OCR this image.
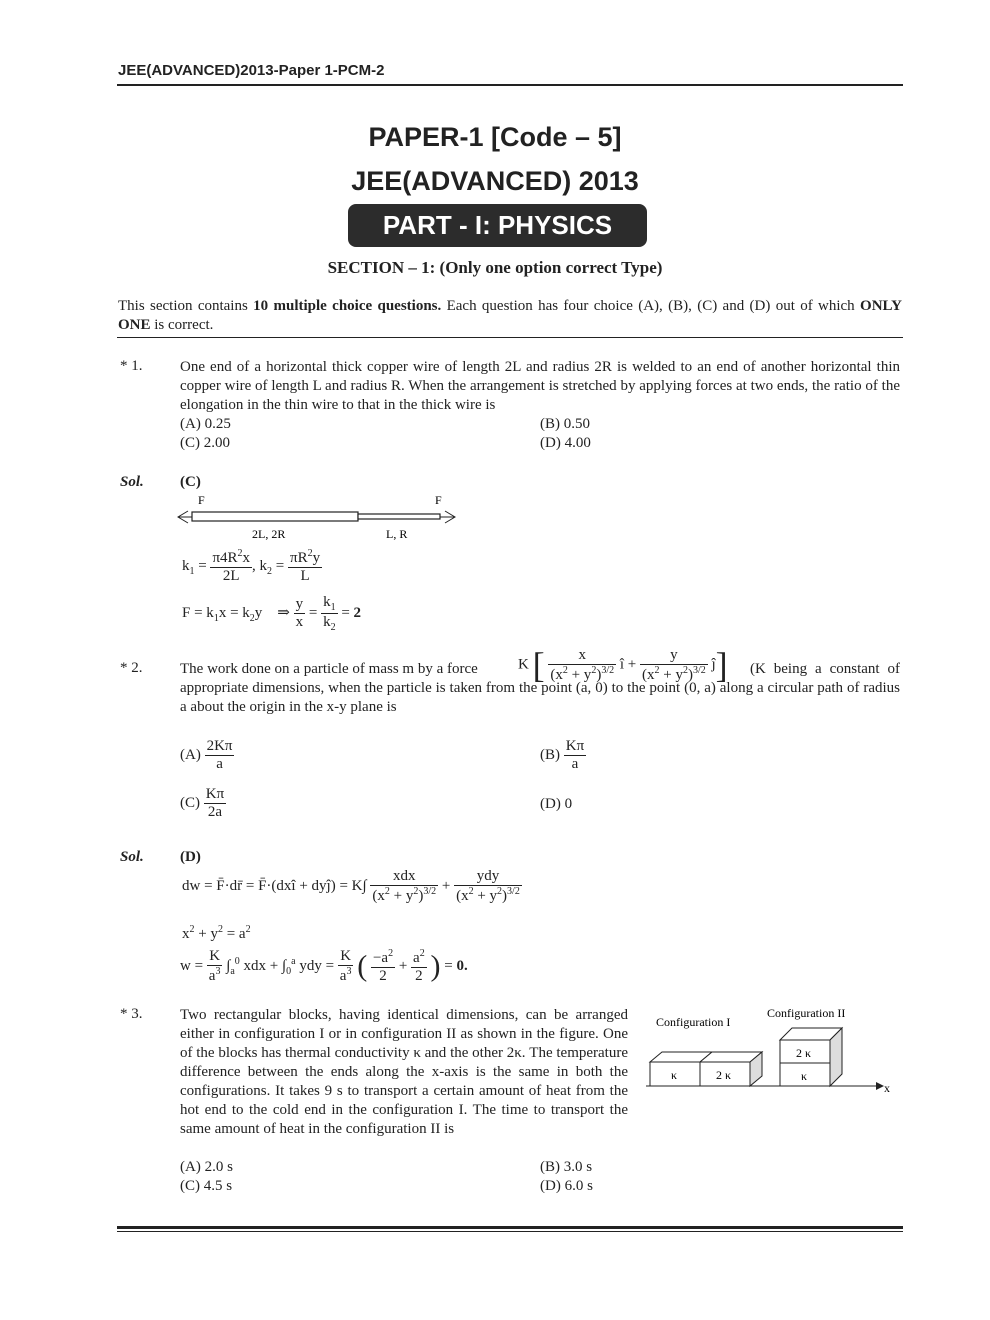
JEE(ADVANCED)2013-Paper 1-PCM-2
PAPER-1 [Code – 5]
JEE(ADVANCED) 2013
PART - I: PHYSICS
SECTION – 1: (Only one option correct Type)
This section contains 10 multiple choice questions. Each question has four choice (A), (B), (C) and (D) out of which ONLY ONE is correct.
* 1.	One end of a horizontal thick copper wire of length 2L and radius 2R is welded to an end of another horizontal thin copper wire of length L and radius R. When the arrangement is stretched by applying forces at two ends, the ratio of the elongation in the thin wire to that in the thick wire is
(A) 0.25	(B) 0.50
(C) 2.00	(D) 4.00
Sol. (C)
F	F
2L, 2R	L, R
$k_1 = \frac{\pi 4R^2x}{2L}$ , $k_2 = \frac{\pi R^2y}{L}$
$F = k_1x = k_2y$    ⇒ $\frac{y}{x} = \frac{k_1}{k_2} = 2$
* 2.	The work done on a particle of mass m by a force	K [ $\frac{x}{(x^2 + y^2)^{3/2}}$ î + $\frac{y}{(x^2 + y^2)^{3/2}}$ ĵ]	(K being a constant of appropriate dimensions, when the particle is taken from the point (a, 0) to the point (0, a) along a circular path of radius a about the origin in the x-y plane is
$(A) \frac{2K\pi}{a}$	$(B) \frac{K\pi}{a}$
$(C) \frac{K\pi}{2a}$	(D) 0
Sol. (D)
dw = F̄·dr̄ = F̄·(dxî + dyĵ) = $K\int \frac{\text{xdx}}{(x^2 + y^2)^{3/2}} + \frac{\text{ydy}}{(x^2 + y^2)^{3/2}}$
$x^2 + y^2 = a^2$
$w = \frac{K}{a^3} \int_a^0$ xdx + $\int_0^a$ ydy = $\frac{K}{a^3}$ ( $\frac{-a^2}{2} + \frac{a^2}{2}$ ) = 0.
* 3.	Two rectangular blocks, having identical dimensions, can be arranged either in configuration I or in configuration II as shown in the figure. One of the blocks has thermal conductivity κ and the other 2κ. The temperature difference between the ends along the x-axis is the same in both the configurations. It takes 9 s to transport a certain amount of heat from the hot end to the cold end in the configuration I. The time to transport the same amount of heat in the configuration II is
(A) 2.0 s	(B) 3.0 s
(C) 4.5 s	(D) 6.0 s
Configuration I
Configuration II
κ	2 κ
2 κ
κ
x
